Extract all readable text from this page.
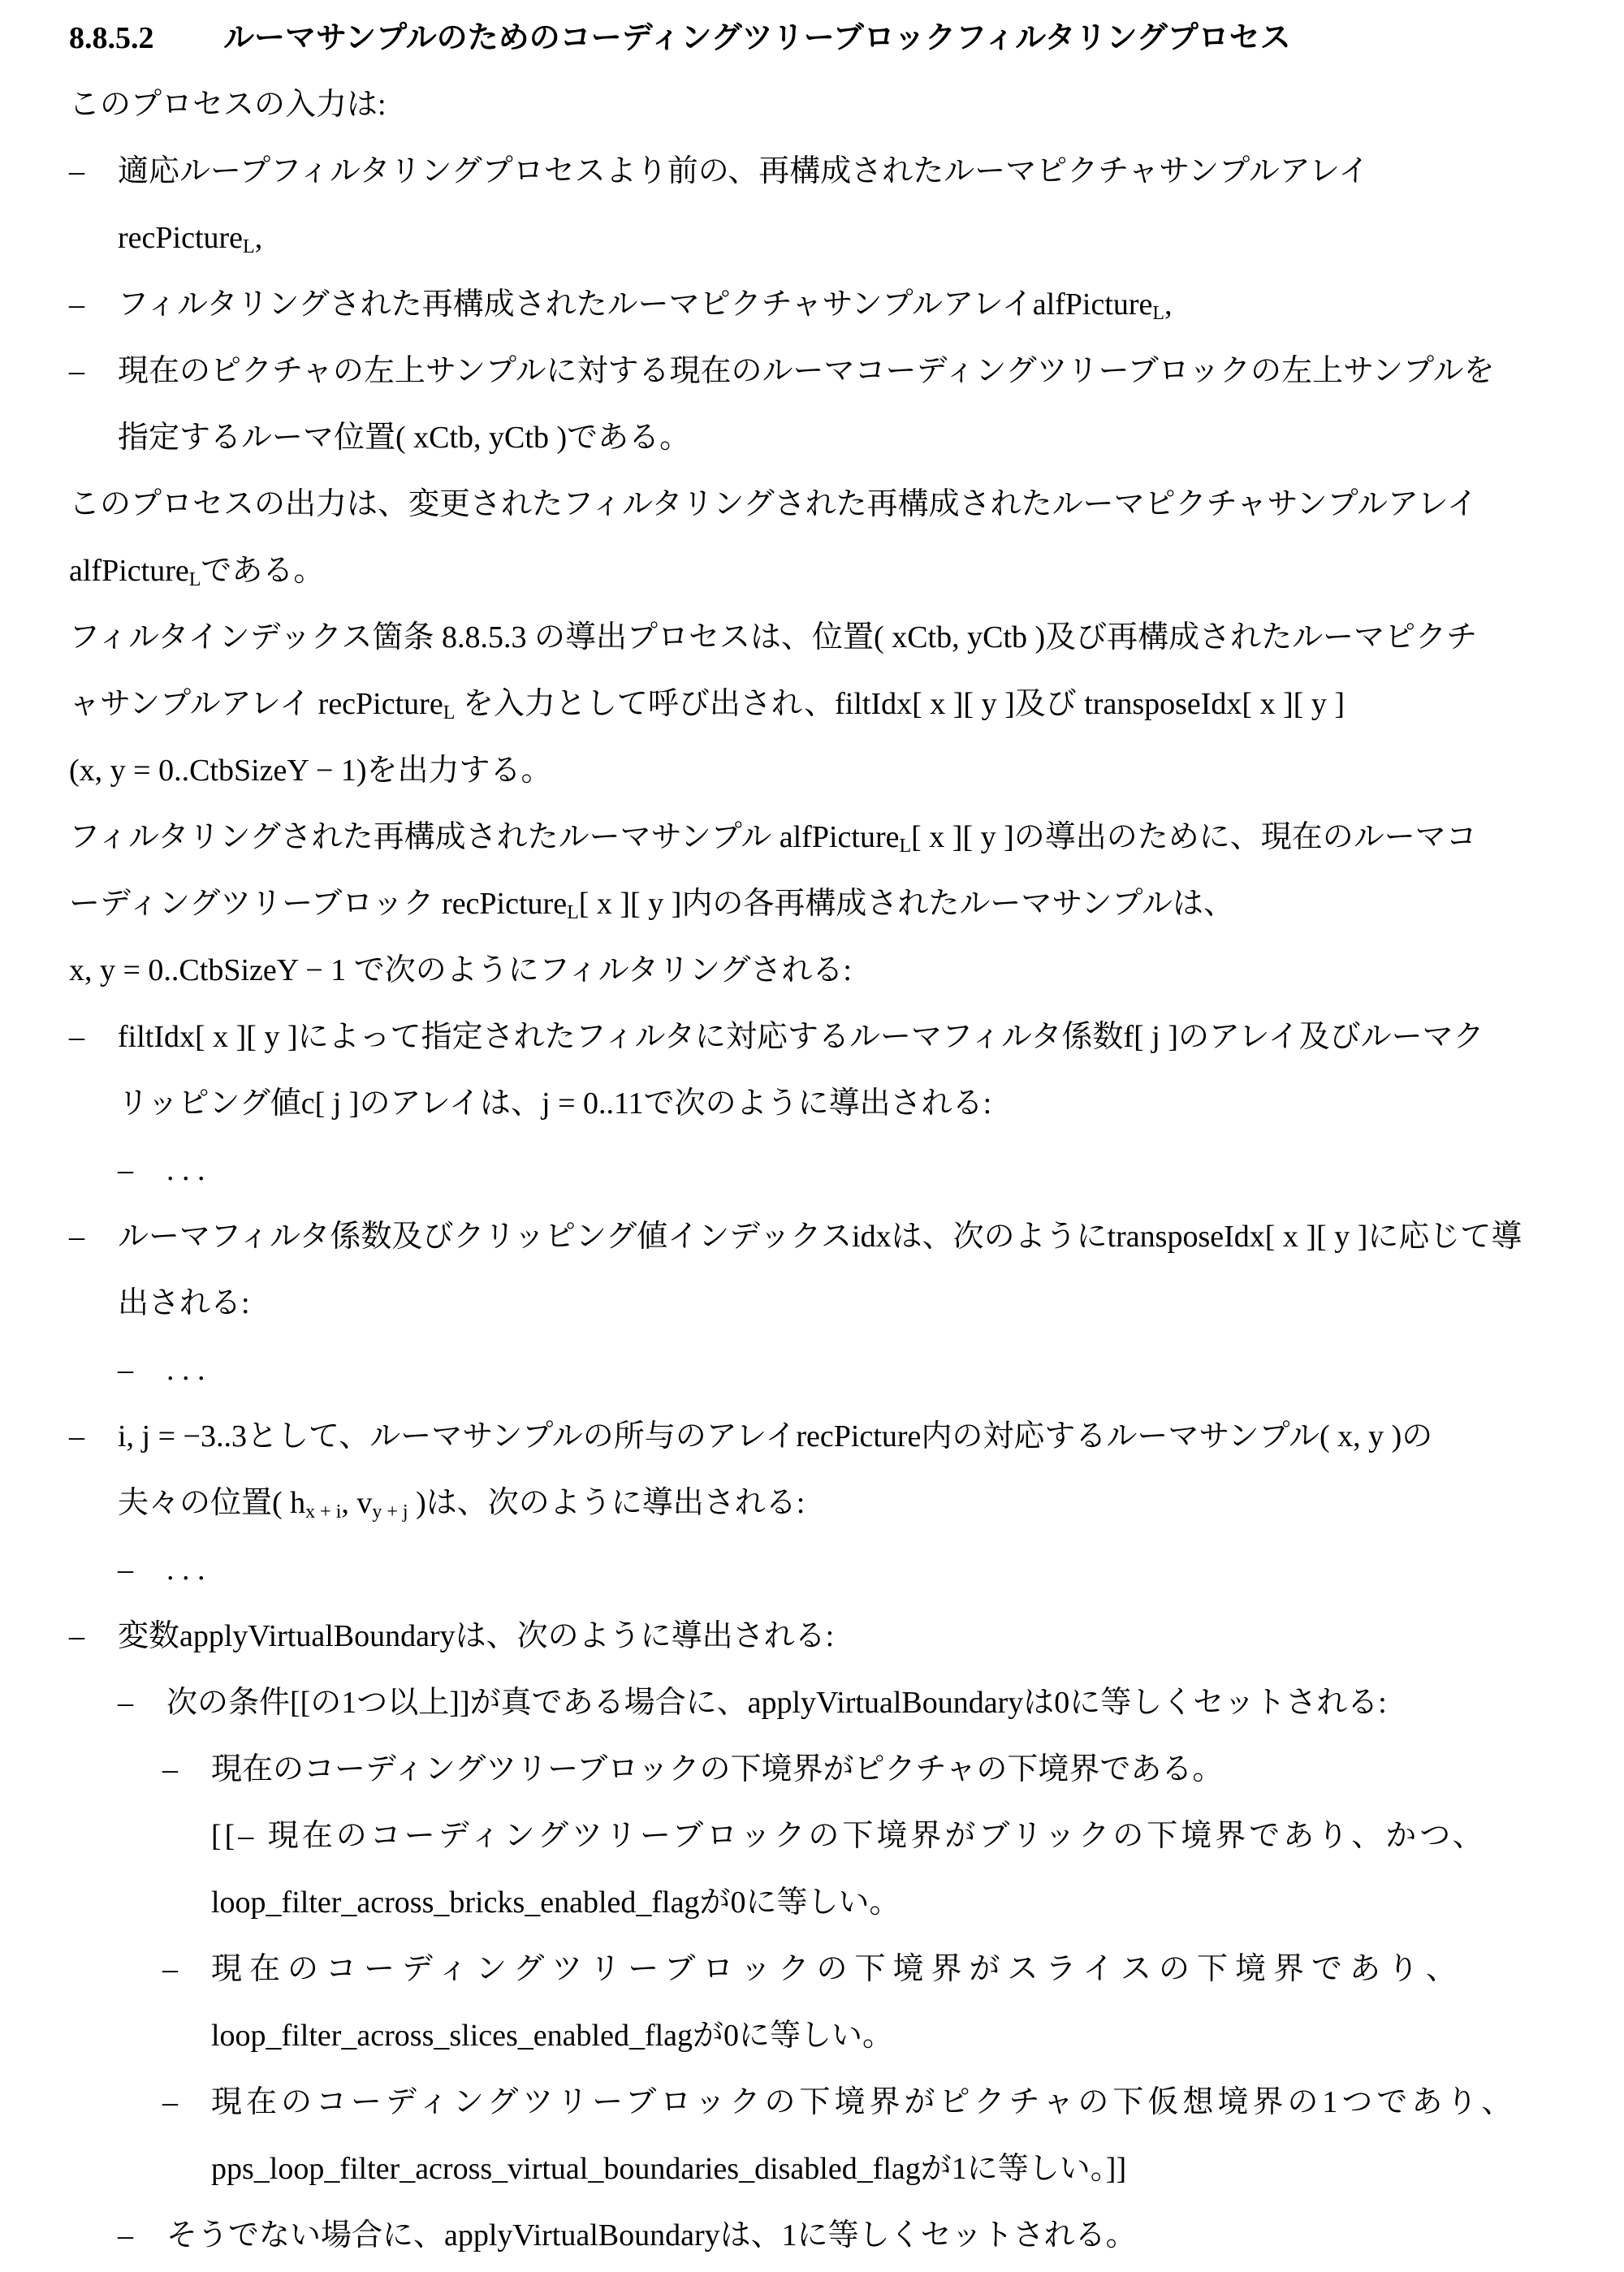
8.8.5.2 ルーマサンプルのためのコーディングツリーブロックフィルタリングプロセス
このプロセスの入力は:
– 適応ループフィルタリングプロセスより前の、再構成されたルーマピクチャサンプルアレイ
recPicture$_L$,
– フィルタリングされた再構成されたルーマピクチャサンプルアレイalfPicture$_L$,
– 現在のピクチャの左上サンプルに対する現在のルーマコーディングツリーブロックの左上サンプルを
指定するルーマ位置( xCtb, yCtb )である。
このプロセスの出力は、変更されたフィルタリングされた再構成されたルーマピクチャサンプルアレイ
alfPicture$_L$である。
フィルタインデックス箇条 8.8.5.3 の導出プロセスは、位置( xCtb, yCtb )及び再構成されたルーマピクチ
ャサンプルアレイ recPicture$_L$ を入力として呼び出され、filtIdx[ x ][ y ]及び transposeIdx[ x ][ y ]
(x, y = 0..CtbSizeY − 1)を出力する。
フィルタリングされた再構成されたルーマサンプル alfPicture$_L$[ x ][ y ]の導出のために、現在のルーマコ
ーディングツリーブロック recPicture$_L$[ x ][ y ]内の各再構成されたルーマサンプルは、
x, y = 0..CtbSizeY − 1 で次のようにフィルタリングされる:
– filtIdx[ x ][ y ]によって指定されたフィルタに対応するルーマフィルタ係数f[ j ]のアレイ及びルーマク
リッピング値c[ j ]のアレイは、j = 0..11で次のように導出される:
– . . .
– ルーマフィルタ係数及びクリッピング値インデックスidxは、次のようにtransposeIdx[ x ][ y ]に応じて導
出される:
– . . .
– i, j = −3..3として、ルーマサンプルの所与のアレイrecPicture内の対応するルーマサンプル( x, y )の
夫々の位置( $h_{x + i}$, $v_{y + j}$ )は、次のように導出される:
– . . .
– 変数applyVirtualBoundaryは、次のように導出される:
– 次の条件[[の1つ以上]]が真である場合に、applyVirtualBoundaryは0に等しくセットされる:
– 現在のコーディングツリーブロックの下境界がピクチャの下境界である。
[[– 現在のコーディングツリーブロックの下境界がブリックの下境界であり、かつ、
loop_filter_across_bricks_enabled_flagが0に等しい。
– 現在のコーディングツリーブロックの下境界がスライスの下境界であり、
loop_filter_across_slices_enabled_flagが0に等しい。
– 現在のコーディングツリーブロックの下境界がピクチャの下仮想境界の1つであり、
pps_loop_filter_across_virtual_boundaries_disabled_flagが1に等しい。]]
– そうでない場合に、applyVirtualBoundaryは、1に等しくセットされる。
